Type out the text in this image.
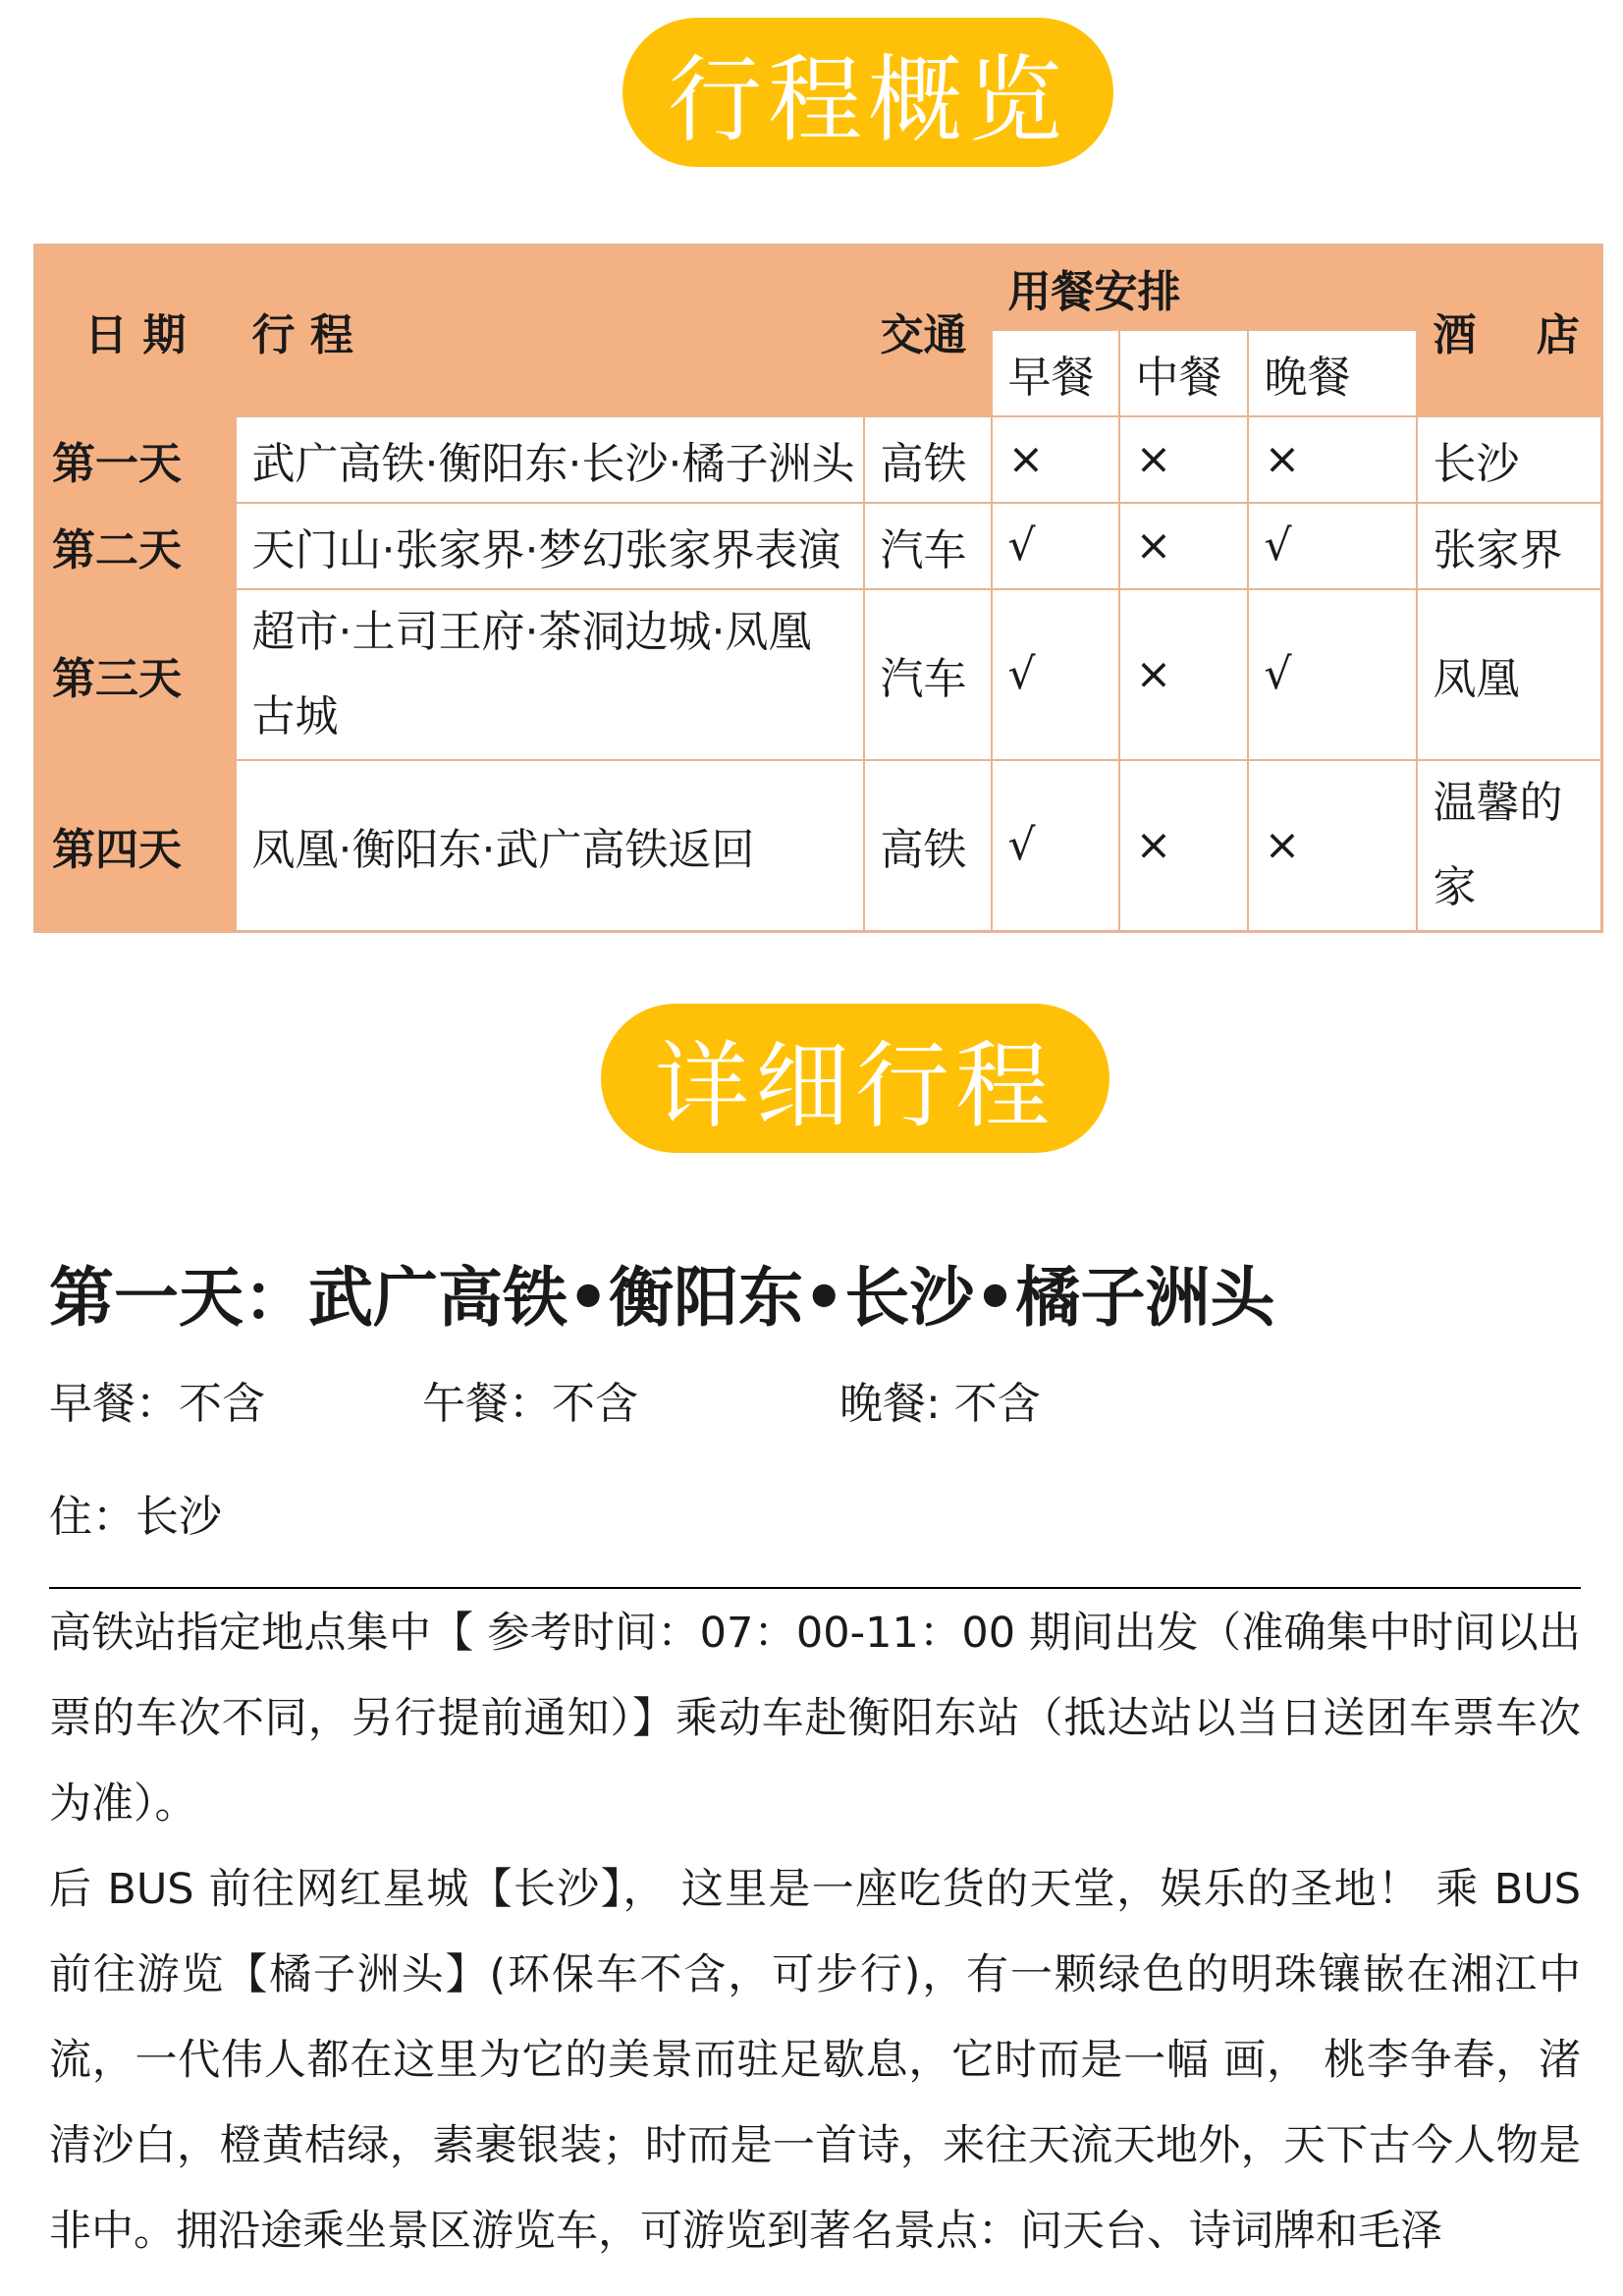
行程概览
日 期	行 程	交通	用餐安排			酒    店
			早餐	中餐	晚餐	
第一天	武广高铁·衡阳东·长沙·橘子洲头	高铁	×	×	×	长沙
第二天	天门山·张家界·梦幻张家界表演	汽车	√	×	√	张家界
第三天	超市·土司王府·茶洞边城·凤凰古城	汽车	√	×	√	凤凰
第四天	凤凰·衡阳东·武广高铁返回	高铁	√	×	×	温馨的家
详细行程
第一天：武广高铁•衡阳东•长沙•橘子洲头
早餐：不含	午餐：不含	晚餐: 不含
住：长沙
高铁站指定地点集中【 参考时间：07：00-11：00 期间出发（准确集中时间以出票的车次不同，另行提前通知）】乘动车赴衡阳东站（抵达站以当日送团车票车次为准）。
后 BUS 前往网红星城【长沙】， 这里是一座吃货的天堂，娱乐的圣地！ 乘 BUS 前往游览【橘子洲头】(环保车不含，可步行)，有一颗绿色的明珠镶嵌在湘江中流，一代伟人都在这里为它的美景而驻足歇息，它时而是一幅 画， 桃李争春，渚清沙白，橙黄桔绿，素裹银装；时而是一首诗，来往天流天地外，天下古今人物是非中。拥沿途乘坐景区游览车，可游览到著名景点：问天台、诗词牌和毛泽
